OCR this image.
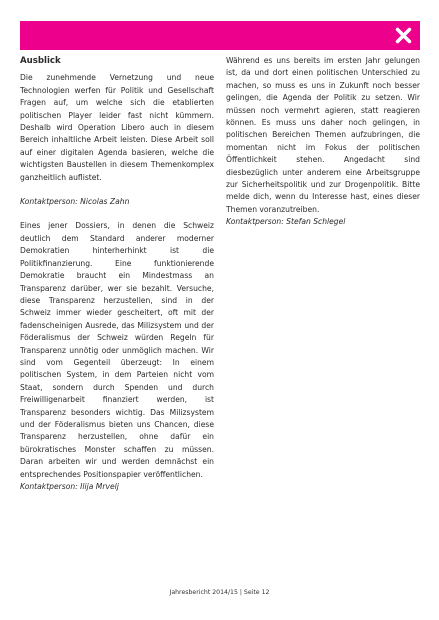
Ausblick

Die zunehmende Vernetzung und neue Technologien werfen für Politik und Gesellschaft Fragen auf, um welche sich die etablierten politischen Player leider fast nicht kümmern. Deshalb wird Operation Libero auch in diesem Bereich inhaltliche Arbeit leisten. Diese Arbeit soll auf einer digitalen Agenda basieren, welche die wichtigsten Baustellen in diesem Themenkomplex ganzheitlich auflistet.

Kontaktperson: Nicolas Zahn

Eines jener Dossiers, in denen die Schweiz deutlich dem Standard anderer moderner Demokratien hinterherhinkt ist die Politikfinanzierung. Eine funktionierende Demokratie braucht ein Mindestmass an Transparenz darüber, wer sie bezahlt. Versuche, diese Transparenz herzustellen, sind in der Schweiz immer wieder gescheitert, oft mit der fadenscheinigen Ausrede, das Milizsystem und der Föderalismus der Schweiz würden Regeln für Transparenz unnötig oder unmöglich machen. Wir sind vom Gegenteil überzeugt: In einem politischen System, in dem Parteien nicht vom Staat, sondern durch Spenden und durch Freiwilligenarbeit finanziert werden, ist Transparenz besonders wichtig. Das Milizsystem und der Föderalismus bieten uns Chancen, diese Transparenz herzustellen, ohne dafür ein bürokratisches Monster schaffen zu müssen. Daran arbeiten wir und werden demnächst ein entsprechendes Positionspapier veröffentlichen.

Kontaktperson: Ilija Mrvelj

Während es uns bereits im ersten Jahr gelungen ist, da und dort einen politischen Unterschied zu machen, so muss es uns in Zukunft noch besser gelingen, die Agenda der Politik zu setzen. Wir müssen noch vermehrt agieren, statt reagieren können. Es muss uns daher noch gelingen, in politischen Bereichen Themen aufzubringen, die momentan nicht im Fokus der politischen Öffentlichkeit stehen. Angedacht sind diesbezüglich unter anderem eine Arbeitsgruppe zur Sicherheitspolitik und zur Drogenpolitik. Bitte melde dich, wenn du Interesse hast, eines dieser Themen voranzutreiben.

Kontaktperson: Stefan Schlegel

Jahresbericht 2014/15 | Seite 12
